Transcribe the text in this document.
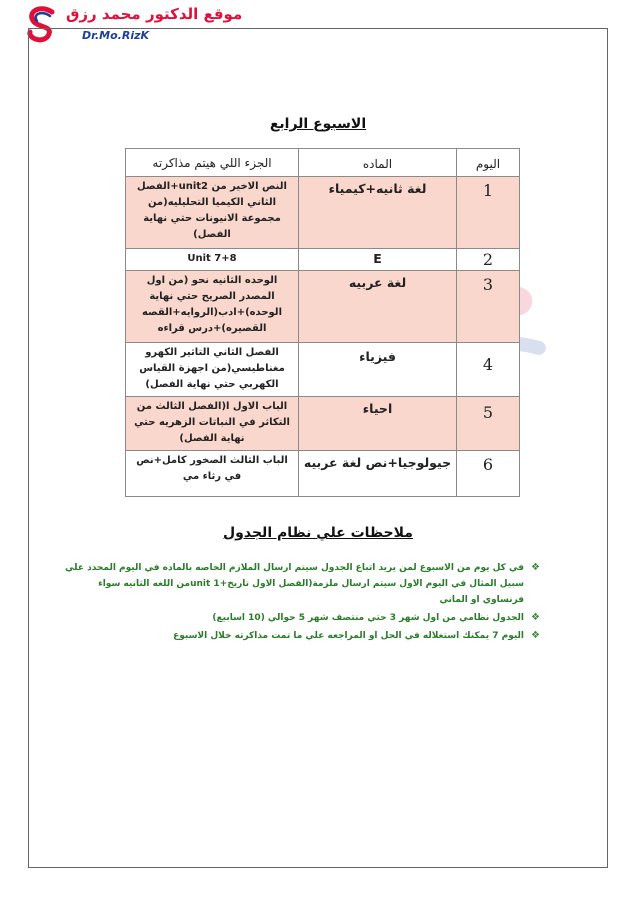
موقع الدكتور محمد رزق
Dr.Mo.RizK
الاسبوع الرابع
اليوم	الماده	الجزء اللي هيتم مذاكرته
1	لغة ثانيه+كيمياء	النص الاخير من unit2+الفصل الثاني الكيميا التحليليه(من مجموعة الانيونات حتي نهاية الفصل)
2	E	Unit 7+8
3	لغة عربيه	الوحده الثانيه نحو (من اول المصدر الصريح حتي نهاية الوحده)+ادب(الروايه+القصه القصيره)+درس قراءه
4	فيزياء	الفصل الثاني التاثير الكهرو مغناطيسي(من اجهزة القياس الكهربي حتي نهاية الفصل)
5	احياء	الباب الاول ا(الفصل الثالث من التكاثر في النباتات الزهريه حتي نهاية الفصل)
6	جيولوجيا+نص لغة عربيه	الباب الثالث الصخور كامل+نص في رثاء مي
ملاحظات علي نظام الجدول
❖
في كل يوم من الاسبوع لمن يريد اتباع الجدول سيتم ارسال الملازم الخاصه بالماده في اليوم المحدد علي سبيل المثال في اليوم الاول سيتم ارسال ملزمة(الفصل الاول تاريخ+unit 1من اللغه الثانيه سواء فرنساوي او الماني
❖
الجدول نظامي من اول شهر 3 حتي منتصف شهر 5 حوالي (10 اسابيع)
❖
اليوم 7 يمكنك استغلاله في الحل او المراجعه علي ما تمت مذاكرته خلال الاسبوع
